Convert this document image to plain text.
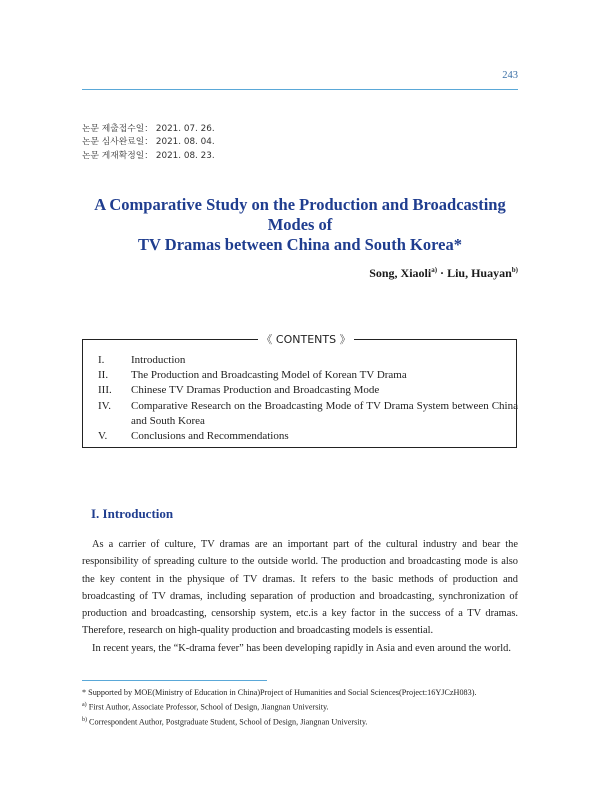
243
논문 제출접수일： 2021. 07. 26.
논문 심사완료일： 2021. 08. 04.
논문 게재확정일： 2021. 08. 23.
A Comparative Study on the Production and Broadcasting Modes of
TV Dramas between China and South Korea*
Song, Xiaoli$^{a)}$ · Liu, Huayan$^{b)}$
《 CONTENTS 》
I.	Introduction
II.	The Production and Broadcasting Model of Korean TV Drama
III.	Chinese TV Dramas Production and Broadcasting Mode
IV.	Comparative Research on the Broadcasting Mode of TV Drama System between China and South Korea
V.	Conclusions and Recommendations
I. Introduction

As a carrier of culture, TV dramas are an important part of the cultural industry and bear the responsibility of spreading culture to the outside world. The production and broadcasting mode is also the key content in the physique of TV dramas. It refers to the basic methods of production and broadcasting of TV dramas, including separation of production and broadcasting, synchronization of production and broadcasting, censorship system, etc.is a key factor in the success of a TV dramas. Therefore, research on high-quality production and broadcasting models is essential.

In recent years, the “K-drama fever” has been developing rapidly in Asia and even around the world.

* Supported by MOE(Ministry of Education in China)Project of Humanities and Social Sciences(Project:16YJCzH083).
$^{a)}$ First Author, Associate Professor, School of Design, Jiangnan University.
$^{b)}$ Correspondent Author, Postgraduate Student, School of Design, Jiangnan University.
